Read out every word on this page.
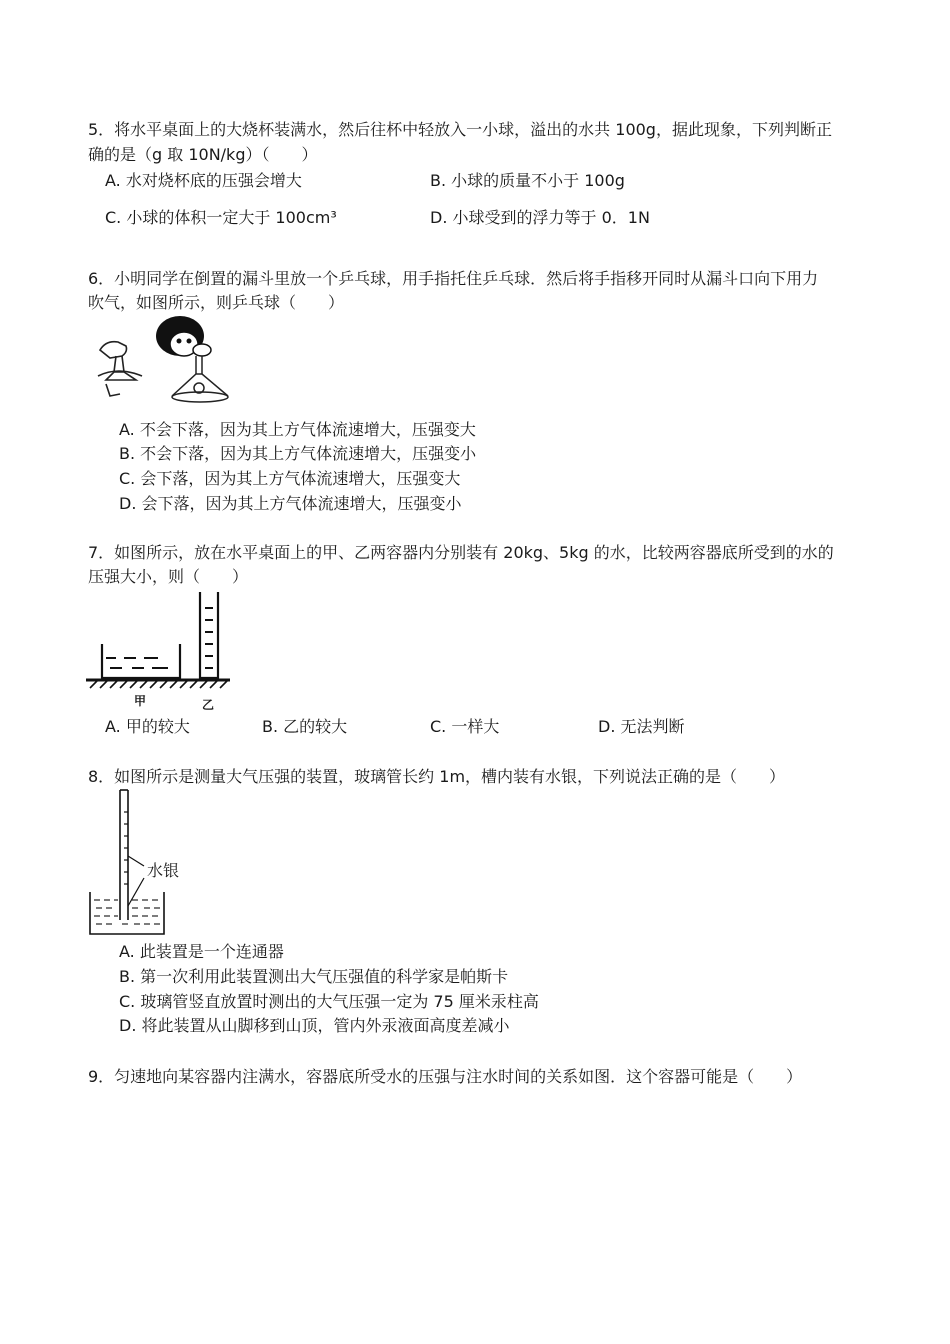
5．将水平桌面上的大烧杯装满水，然后往杯中轻放入一小球，溢出的水共 100g，据此现象，下列判断正
确的是（g 取 10N/kg）（　　）
A. 水对烧杯底的压强会增大	B. 小球的质量不小于 100g
C. 小球的体积一定大于 100cm³	D. 小球受到的浮力等于 0．1N
6．小明同学在倒置的漏斗里放一个乒乓球，用手指托住乒乓球．然后将手指移开同时从漏斗口向下用力
吹气，如图所示，则乒乓球（　　）
A. 不会下落，因为其上方气体流速增大，压强变大
B. 不会下落，因为其上方气体流速增大，压强变小
C. 会下落，因为其上方气体流速增大，压强变大
D. 会下落，因为其上方气体流速增大，压强变小
7．如图所示，放在水平桌面上的甲、乙两容器内分别装有 20kg、5kg 的水，比较两容器底所受到的水的
压强大小，则（　　）
甲	乙
A. 甲的较大	B. 乙的较大	C. 一样大	D. 无法判断
8．如图所示是测量大气压强的装置，玻璃管长约 1m，槽内装有水银，下列说法正确的是（　　）
水银
A. 此装置是一个连通器
B. 第一次利用此装置测出大气压强值的科学家是帕斯卡
C. 玻璃管竖直放置时测出的大气压强一定为 75 厘米汞柱高
D. 将此装置从山脚移到山顶，管内外汞液面高度差减小
9．匀速地向某容器内注满水，容器底所受水的压强与注水时间的关系如图．这个容器可能是（　　）
